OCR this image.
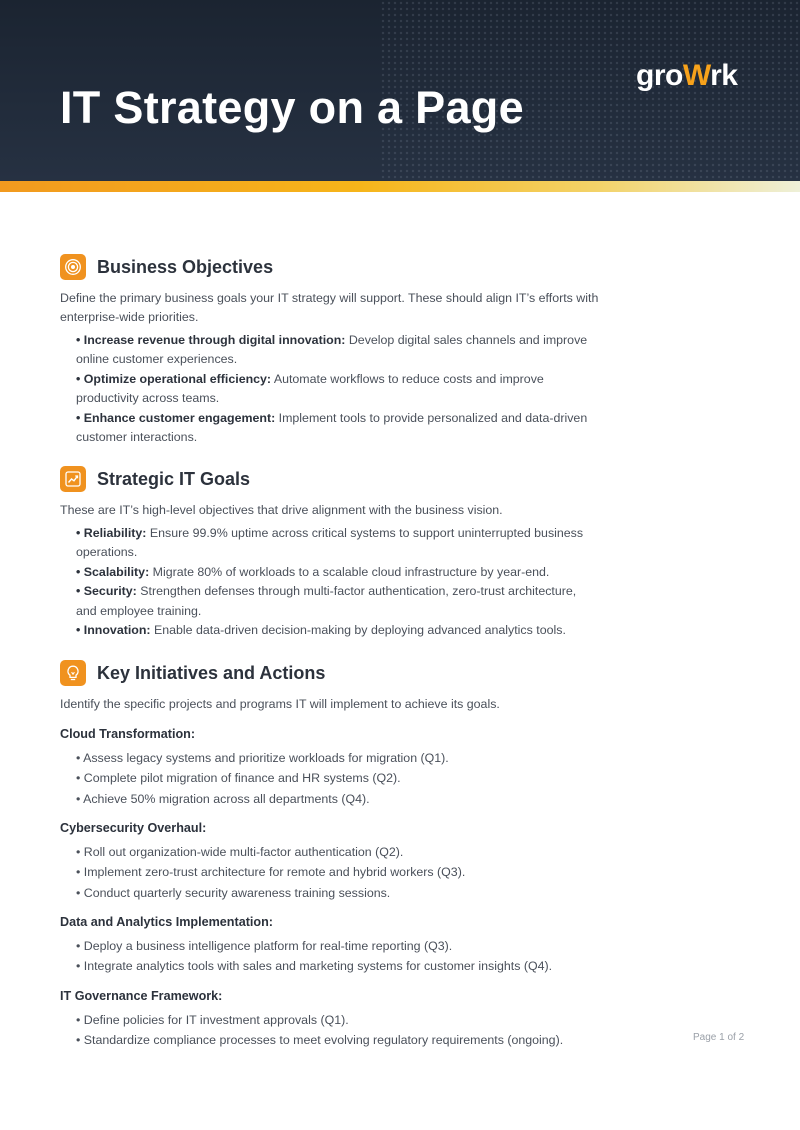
IT Strategy on a Page
groWrk
Business Objectives

Define the primary business goals your IT strategy will support. These should align IT’s efforts with enterprise-wide priorities.

• Increase revenue through digital innovation: Develop digital sales channels and improve online customer experiences.
• Optimize operational efficiency: Automate workflows to reduce costs and improve productivity across teams.
• Enhance customer engagement: Implement tools to provide personalized and data-driven customer interactions.
Strategic IT Goals

These are IT’s high-level objectives that drive alignment with the business vision.

• Reliability: Ensure 99.9% uptime across critical systems to support uninterrupted business operations.
• Scalability: Migrate 80% of workloads to a scalable cloud infrastructure by year-end.
• Security: Strengthen defenses through multi-factor authentication, zero-trust architecture, and employee training.
• Innovation: Enable data-driven decision-making by deploying advanced analytics tools.
Key Initiatives and Actions

Identify the specific projects and programs IT will implement to achieve its goals.

Cloud Transformation:
• Assess legacy systems and prioritize workloads for migration (Q1).
• Complete pilot migration of finance and HR systems (Q2).
• Achieve 50% migration across all departments (Q4).
Cybersecurity Overhaul:
• Roll out organization-wide multi-factor authentication (Q2).
• Implement zero-trust architecture for remote and hybrid workers (Q3).
• Conduct quarterly security awareness training sessions.
Data and Analytics Implementation:
• Deploy a business intelligence platform for real-time reporting (Q3).
• Integrate analytics tools with sales and marketing systems for customer insights (Q4).
IT Governance Framework:
• Define policies for IT investment approvals (Q1).
• Standardize compliance processes to meet evolving regulatory requirements (ongoing).	Page 1 of 2
